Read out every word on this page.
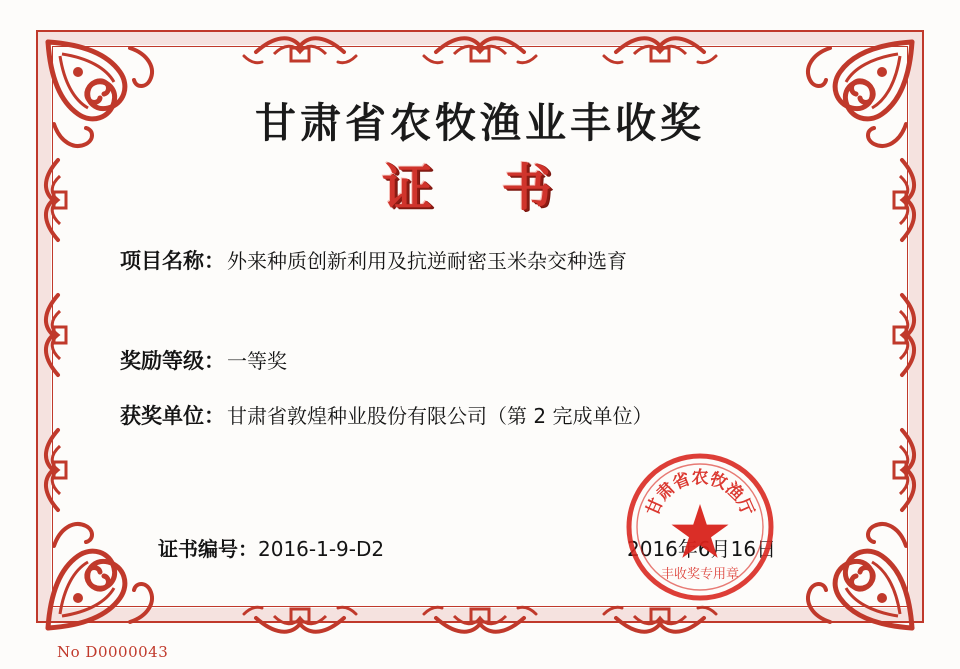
甘肃省农牧渔业丰收奖
证 书
项目名称： 外来种质创新利用及抗逆耐密玉米杂交种选育
奖励等级： 一等奖
获奖单位： 甘肃省敦煌种业股份有限公司（第 2 完成单位）
证书编号：2016-1-9-D2	2016年6月16日
No D0000043
甘
肃
省
农
牧
渔
厅
丰收奖专用章
